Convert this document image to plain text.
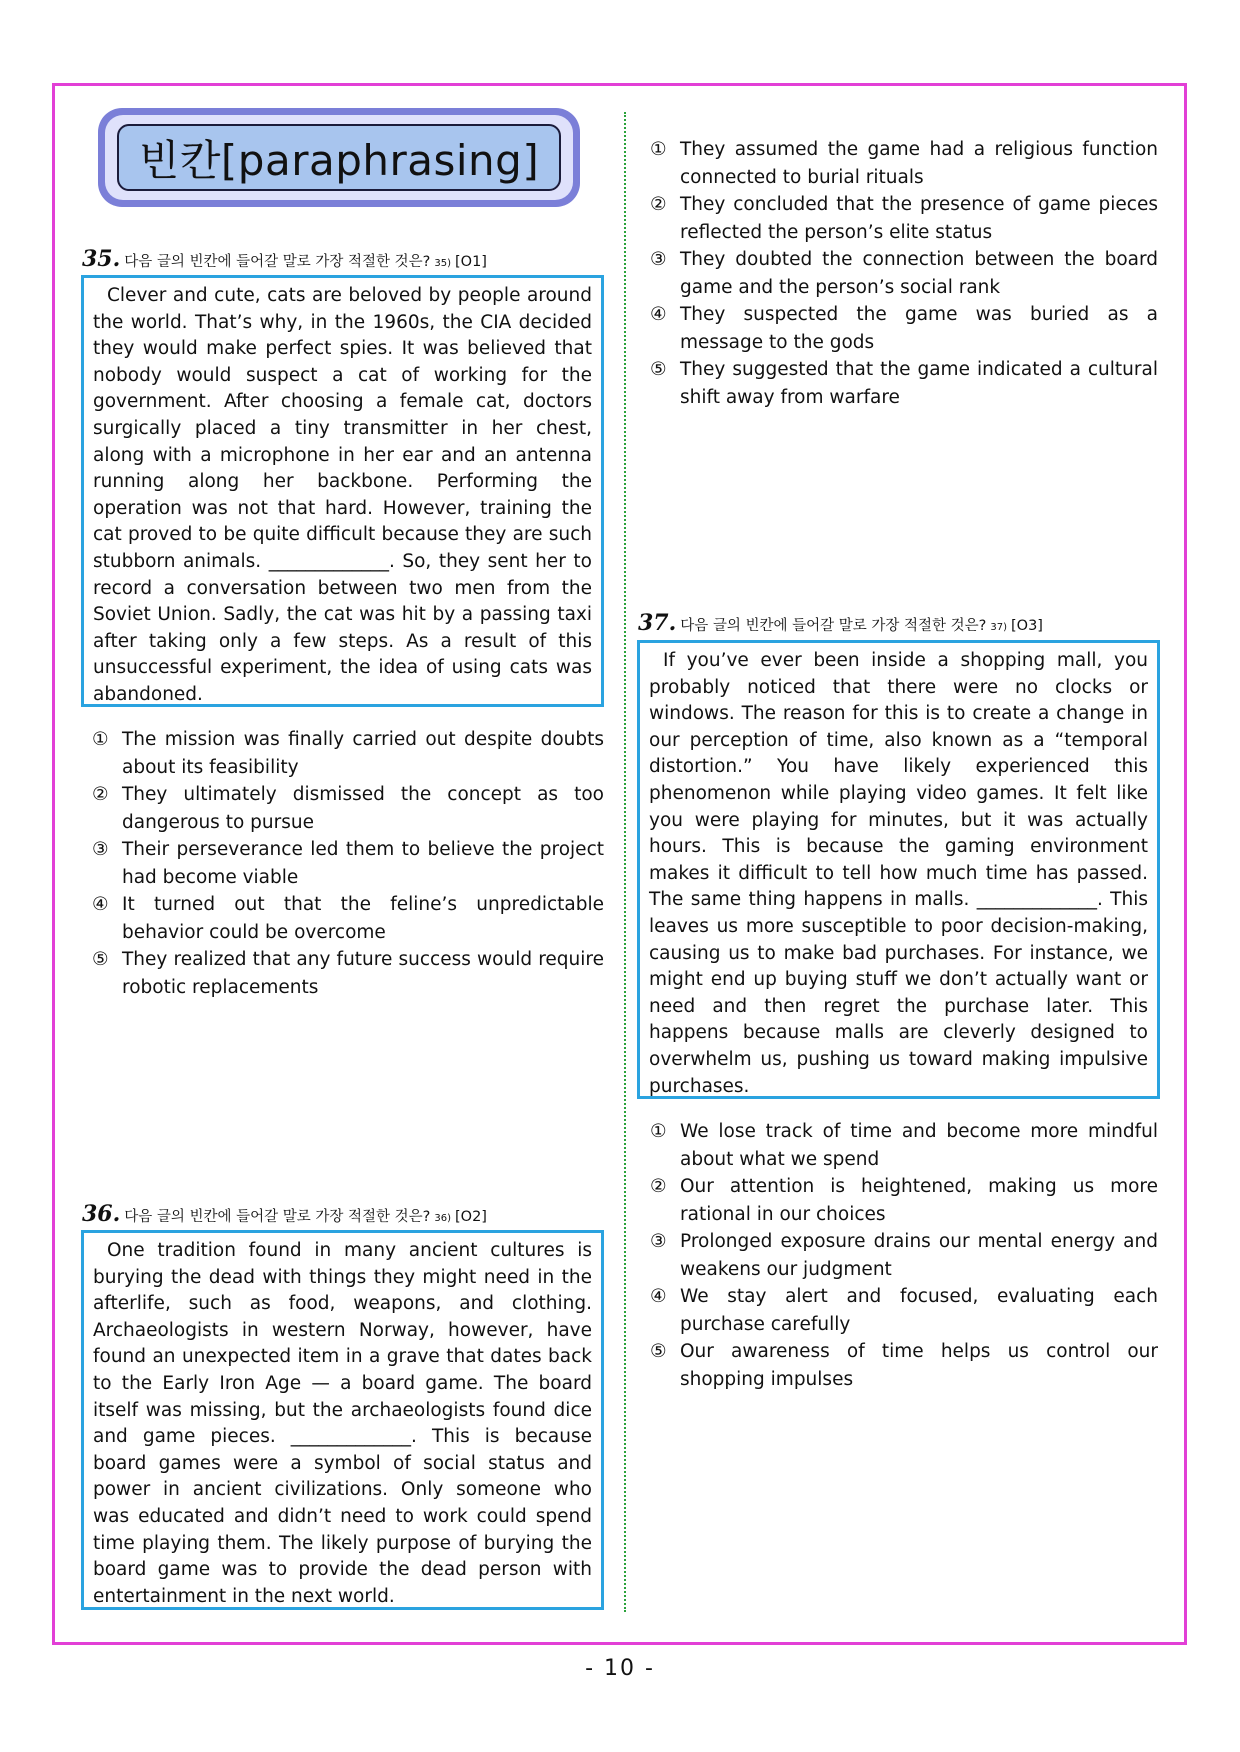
빈칸[paraphrasing]
35. 다음 글의 빈칸에 들어갈 말로 가장 적절한 것은? 35) [O1]

Clever and cute, cats are beloved by people around the world. That’s why, in the 1960s, the CIA decided they would make perfect spies. It was believed that nobody would suspect a cat of working for the government. After choosing a female cat, doctors surgically placed a tiny transmitter in her chest, along with a microphone in her ear and an antenna running along her backbone. Performing the operation was not that hard. However, training the cat proved to be quite difficult because they are such stubborn animals. _____________. So, they sent her to record a conversation between two men from the Soviet Union. Sadly, the cat was hit by a passing taxi after taking only a few steps. As a result of this unsuccessful experiment, the idea of using cats was abandoned.

① The mission was finally carried out despite doubts about its feasibility
② They ultimately dismissed the concept as too dangerous to pursue
③ Their perseverance led them to believe the project had become viable
④ It turned out that the feline’s unpredictable behavior could be overcome
⑤ They realized that any future success would require robotic replacements
36. 다음 글의 빈칸에 들어갈 말로 가장 적절한 것은? 36) [O2]

One tradition found in many ancient cultures is burying the dead with things they might need in the afterlife, such as food, weapons, and clothing. Archaeologists in western Norway, however, have found an unexpected item in a grave that dates back to the Early Iron Age — a board game. The board itself was missing, but the archaeologists found dice and game pieces. _____________. This is because board games were a symbol of social status and power in ancient civilizations. Only someone who was educated and didn’t need to work could spend time playing them. The likely purpose of burying the board game was to provide the dead person with entertainment in the next world.

① They assumed the game had a religious function connected to burial rituals
② They concluded that the presence of game pieces reflected the person’s elite status
③ They doubted the connection between the board game and the person’s social rank
④ They suspected the game was buried as a message to the gods
⑤ They suggested that the game indicated a cultural shift away from warfare
37. 다음 글의 빈칸에 들어갈 말로 가장 적절한 것은? 37) [O3]

If you’ve ever been inside a shopping mall, you probably noticed that there were no clocks or windows. The reason for this is to create a change in our perception of time, also known as a “temporal distortion.” You have likely experienced this phenomenon while playing video games. It felt like you were playing for minutes, but it was actually hours. This is because the gaming environment makes it difficult to tell how much time has passed. The same thing happens in malls. _____________. This leaves us more susceptible to poor decision-making, causing us to make bad purchases. For instance, we might end up buying stuff we don’t actually want or need and then regret the purchase later. This happens because malls are cleverly designed to overwhelm us, pushing us toward making impulsive purchases.

① We lose track of time and become more mindful about what we spend
② Our attention is heightened, making us more rational in our choices
③ Prolonged exposure drains our mental energy and weakens our judgment
④ We stay alert and focused, evaluating each purchase carefully
⑤ Our awareness of time helps us control our shopping impulses
- 10 -
